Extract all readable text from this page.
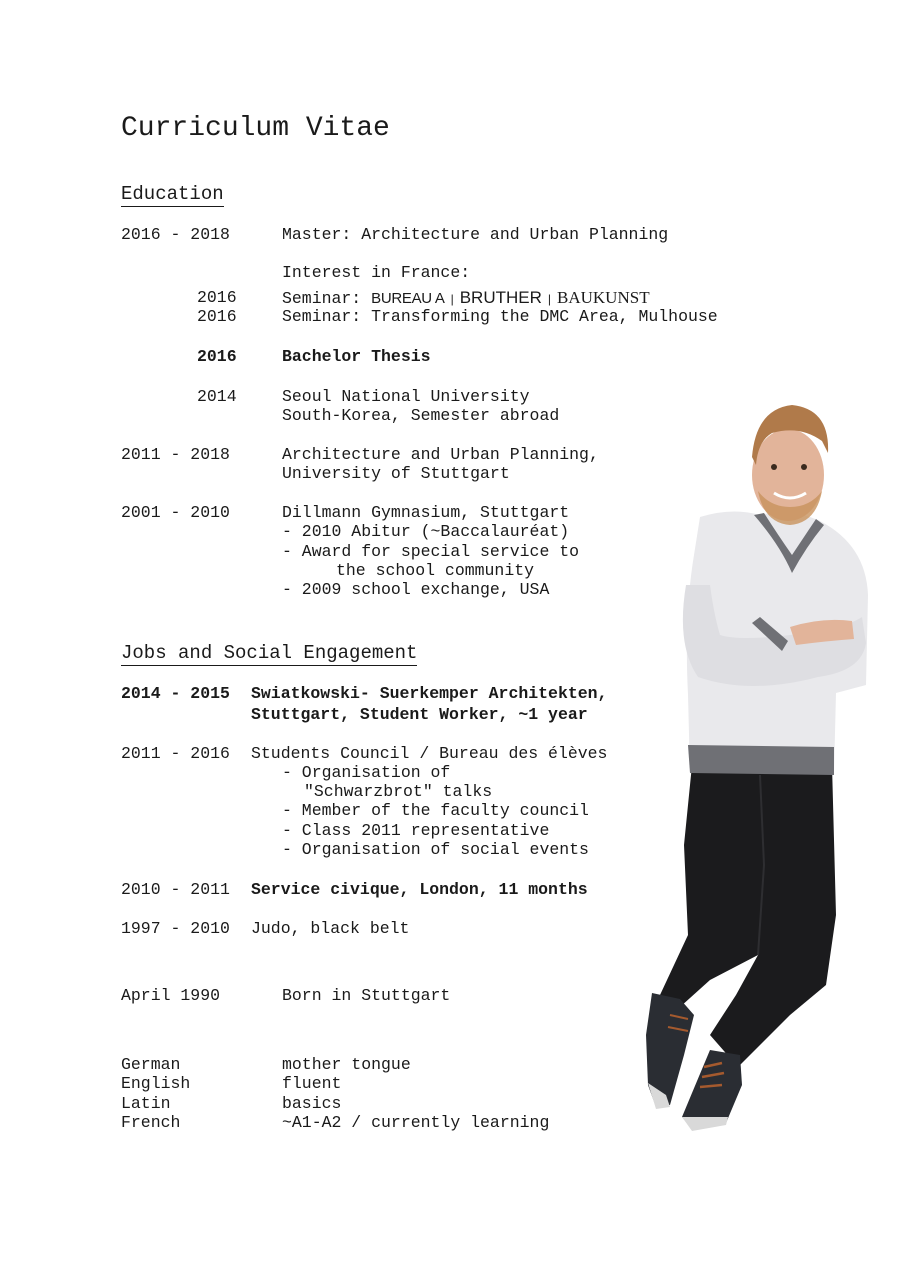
Curriculum Vitae
Education
2016 - 2018	Master: Architecture and Urban Planning
Interest in France:
2016	Seminar: BUREAU A | BRUTHER | BAUKUNST
2016	Seminar: Transforming the DMC Area, Mulhouse
2016	Bachelor Thesis
2014	Seoul National University
South-Korea, Semester abroad
2011 - 2018	Architecture and Urban Planning,
University of Stuttgart
2001 - 2010	Dillmann Gymnasium, Stuttgart
- 2010 Abitur (~Baccalauréat)
- Award for special service to
the school community
- 2009 school exchange, USA
Jobs and Social Engagement
2014 - 2015 Swiatkowski- Suerkemper Architekten,
Stuttgart, Student Worker, ~1 year
2011 - 2016 Students Council / Bureau des élèves
- Organisation of
"Schwarzbrot" talks
- Member of the faculty council
- Class 2011 representative
- Organisation of social events
2010 - 2011 Service civique, London, 11 months
1997 - 2010 Judo, black belt
April 1990	Born in Stuttgart
German	mother tongue
English	fluent
Latin	basics
French	~A1-A2 / currently learning
